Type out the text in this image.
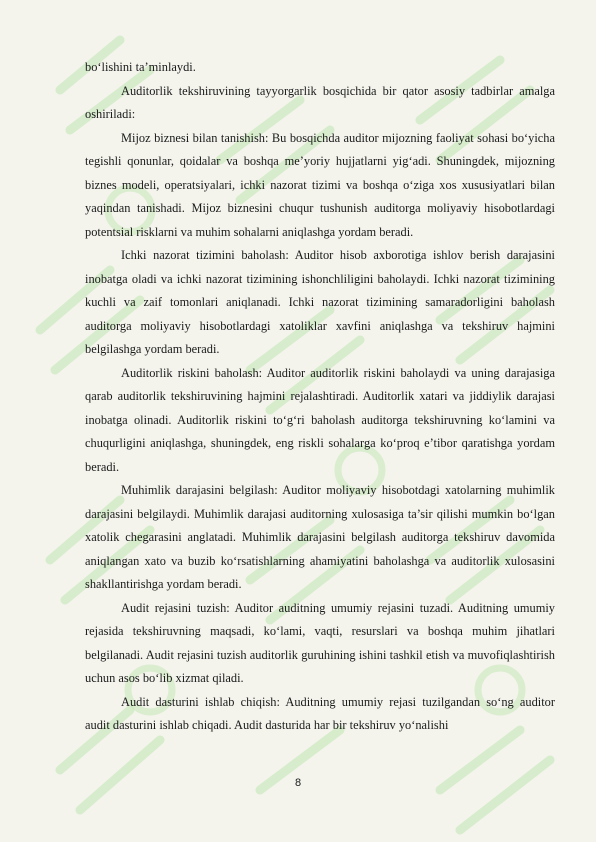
bo‘lishini ta’minlaydi.

Auditorlik tekshiruvining tayyorgarlik bosqichida bir qator asosiy tadbirlar amalga oshiriladi:

Mijoz biznesi bilan tanishish: Bu bosqichda auditor mijozning faoliyat sohasi bo‘yicha tegishli qonunlar, qoidalar va boshqa me’yoriy hujjatlarni yig‘adi. Shuningdek, mijozning biznes modeli, operatsiyalari, ichki nazorat tizimi va boshqa o‘ziga xos xususiyatlari bilan yaqindan tanishadi. Mijoz biznesini chuqur tushunish auditorga moliyaviy hisobotlardagi potentsial risklarni va muhim sohalarni aniqlashga yordam beradi.

Ichki nazorat tizimini baholash: Auditor hisob axborotiga ishlov berish darajasini inobatga oladi va ichki nazorat tizimining ishonchliligini baholaydi. Ichki nazorat tizimining kuchli va zaif tomonlari aniqlanadi. Ichki nazorat tizimining samaradorligini baholash auditorga moliyaviy hisobotlardagi xatoliklar xavfini aniqlashga va tekshiruv hajmini belgilashga yordam beradi.

Auditorlik riskini baholash: Auditor auditorlik riskini baholaydi va uning darajasiga qarab auditorlik tekshiruvining hajmini rejalashtiradi. Auditorlik xatari va jiddiylik darajasi inobatga olinadi. Auditorlik riskini to‘g‘ri baholash auditorga tekshiruvning ko‘lamini va chuqurligini aniqlashga, shuningdek, eng riskli sohalarga ko‘proq e’tibor qaratishga yordam beradi.

Muhimlik darajasini belgilash: Auditor moliyaviy hisobotdagi xatolarning muhimlik darajasini belgilaydi. Muhimlik darajasi auditorning xulosasiga ta’sir qilishi mumkin bo‘lgan xatolik chegarasini anglatadi. Muhimlik darajasini belgilash auditorga tekshiruv davomida aniqlangan xato va buzib ko‘rsatishlarning ahamiyatini baholashga va auditorlik xulosasini shakllantirishga yordam beradi.

Audit rejasini tuzish: Auditor auditning umumiy rejasini tuzadi. Auditning umumiy rejasida tekshiruvning maqsadi, ko‘lami, vaqti, resurslari va boshqa muhim jihatlari belgilanadi. Audit rejasini tuzish auditorlik guruhining ishini tashkil etish va muvofiqlashtirish uchun asos bo‘lib xizmat qiladi.

Audit dasturini ishlab chiqish: Auditning umumiy rejasi tuzilgandan so‘ng auditor audit dasturini ishlab chiqadi. Audit dasturida har bir tekshiruv yo‘nalishi

8
